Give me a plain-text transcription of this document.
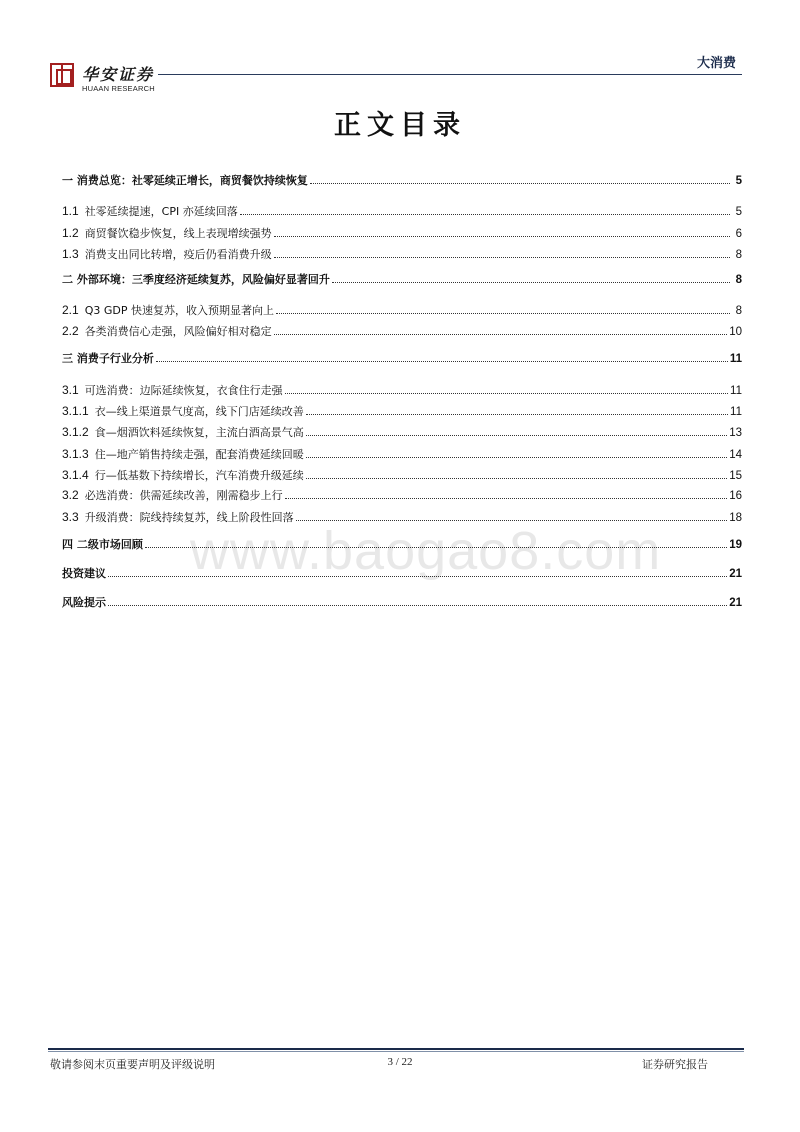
华安证券
HUAAN RESEARCH
大消费
正文目录
www.baogao8.com
一 消费总览：社零延续正增长，商贸餐饮持续恢复	5
1.1 社零延续提速，CPI 亦延续回落	5
1.2 商贸餐饮稳步恢复，线上表现增续强势	6
1.3 消费支出同比转增，疫后仍看消费升级	8
二 外部环境：三季度经济延续复苏，风险偏好显著回升	8
2.1 Q3 GDP 快速复苏，收入预期显著向上	8
2.2 各类消费信心走强，风险偏好相对稳定	10
三 消费子行业分析	11
3.1 可选消费：边际延续恢复，衣食住行走强	11
3.1.1 衣—线上渠道景气度高，线下门店延续改善	11
3.1.2 食—烟酒饮料延续恢复，主流白酒高景气高	13
3.1.3 住—地产销售持续走强，配套消费延续回暖	14
3.1.4 行—低基数下持续增长，汽车消费升级延续	15
3.2 必选消费：供需延续改善，刚需稳步上行	16
3.3 升级消费：院线持续复苏，线上阶段性回落	18
四 二级市场回顾	19
投资建议	21
风险提示	21
敬请参阅末页重要声明及评级说明	3 / 22	证券研究报告
